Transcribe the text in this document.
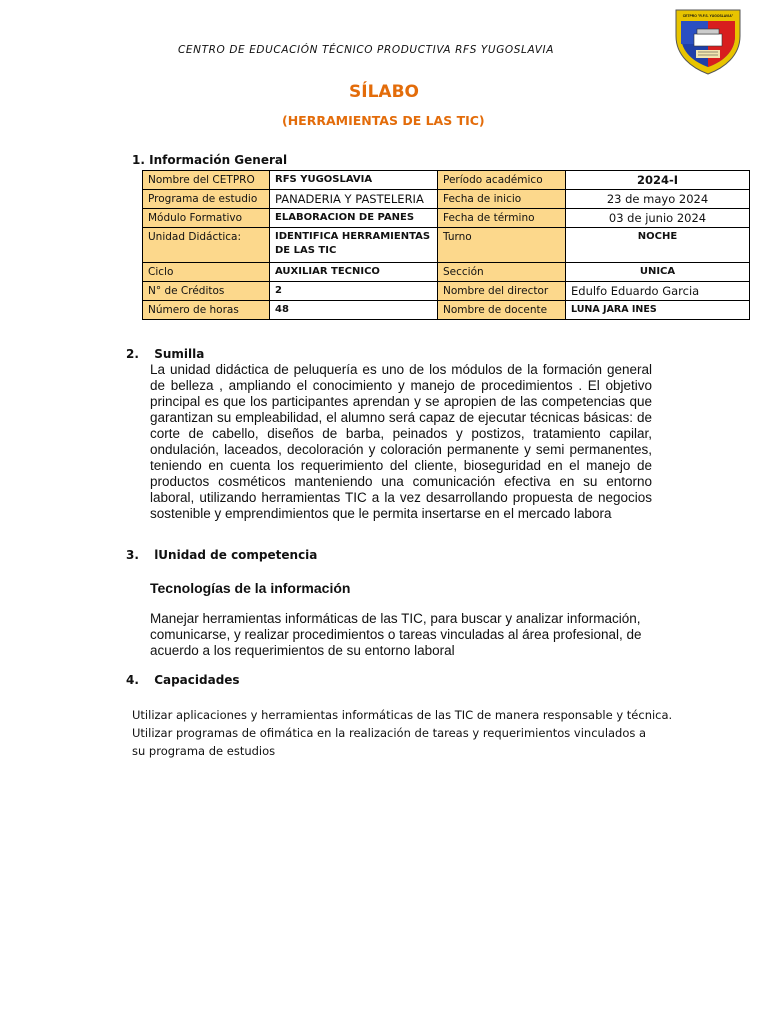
CENTRO DE EDUCACIÓN TÉCNICO PRODUCTIVA RFS YUGOSLAVIA
CETPRO "R.F.S. YUGOSLAVIA"
SÍLABO
(HERRAMIENTAS DE LAS TIC)
1. Información General
Nombre del CETPRO	RFS YUGOSLAVIA	Período académico	2024-I
Programa de estudio	PANADERIA Y PASTELERIA	Fecha de inicio	23 de mayo 2024
Módulo Formativo	ELABORACION DE PANES	Fecha de término	03 de junio 2024
Unidad Didáctica:	IDENTIFICA HERRAMIENTAS DE LAS TIC	Turno	NOCHE
Ciclo	AUXILIAR TECNICO	Sección	UNICA
N° de Créditos	2	Nombre del director	Edulfo Eduardo Garcia
Número de horas	48	Nombre de docente	LUNA JARA INES
2. Sumilla
La unidad didáctica de peluquería es uno de los módulos de la formación general de belleza , ampliando el conocimiento y manejo de procedimientos . El objetivo principal es que los participantes aprendan y se apropien de las competencias que garantizan su empleabilidad, el alumno será capaz de ejecutar técnicas básicas: de corte de cabello, diseños de barba, peinados y postizos, tratamiento capilar, ondulación, laceados, decoloración y coloración permanente y semi permanentes, teniendo en cuenta los requerimiento del cliente, bioseguridad en el manejo de productos cosméticos manteniendo una comunicación efectiva en su entorno laboral, utilizando herramientas TIC a la vez desarrollando propuesta de negocios sostenible y emprendimientos que le permita insertarse en el mercado labora
3. lUnidad de competencia
Tecnologías de la información
Manejar herramientas informáticas de las TIC, para buscar y analizar información, comunicarse, y realizar procedimientos o tareas vinculadas al área profesional, de acuerdo a los requerimientos de su entorno laboral
4. Capacidades
Utilizar aplicaciones y herramientas informáticas de las TIC de manera responsable y técnica.
Utilizar programas de ofimática en la realización de tareas y requerimientos vinculados a
su programa de estudios
